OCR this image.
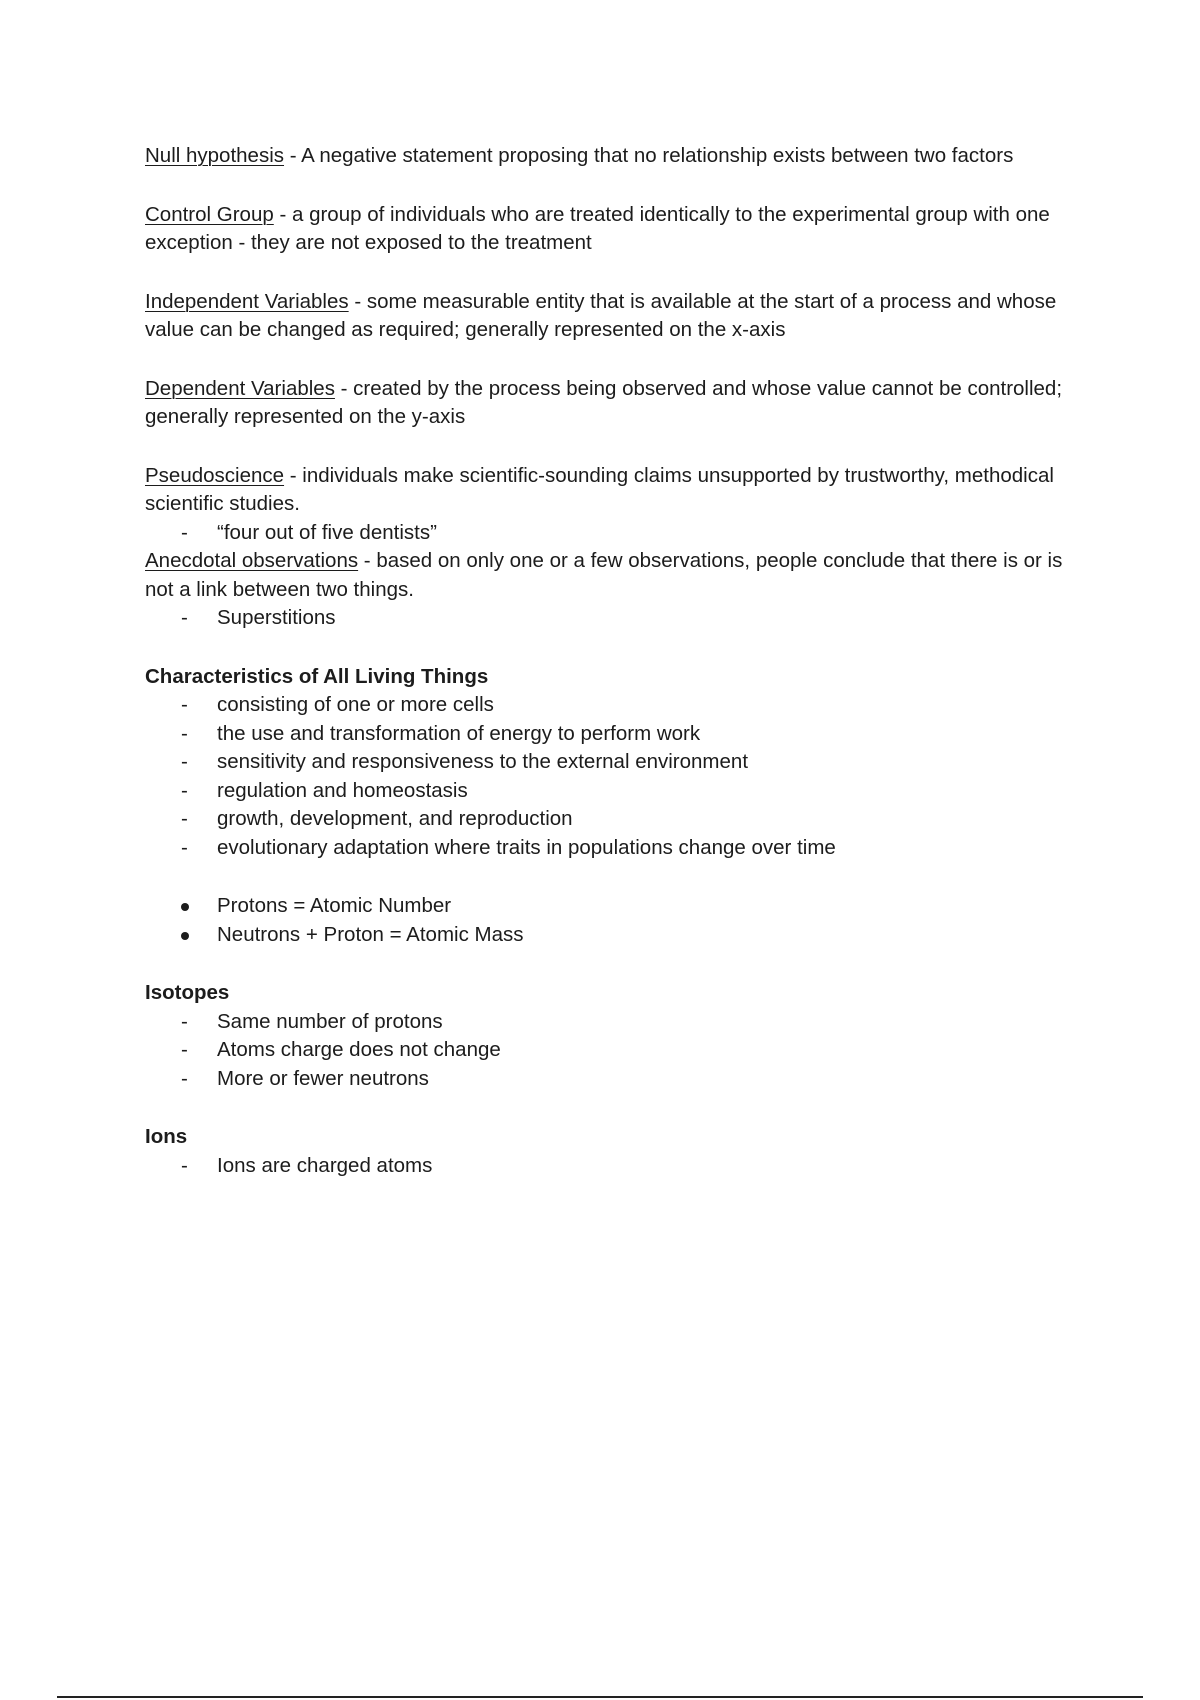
Null hypothesis - A negative statement proposing that no relationship exists between two factors

Control Group - a group of individuals who are treated identically to the experimental group with one exception - they are not exposed to the treatment

Independent Variables - some measurable entity that is available at the start of a process and whose value can be changed as required; generally represented on the x-axis

Dependent Variables - created by the process being observed and whose value cannot be controlled; generally represented on the y-axis

Pseudoscience - individuals make scientific-sounding claims unsupported by trustworthy, methodical scientific studies.

- “four out of five dentists”

Anecdotal observations - based on only one or a few observations, people conclude that there is or is not a link between two things.

- Superstitions

Characteristics of All Living Things

- consisting of one or more cells
- the use and transformation of energy to perform work
- sensitivity and responsiveness to the external environment
- regulation and homeostasis
- growth, development, and reproduction
- evolutionary adaptation where traits in populations change over time
Protons = Atomic Number
Neutrons + Proton = Atomic Mass

Isotopes

- Same number of protons
- Atoms charge does not change
- More or fewer neutrons

Ions

- Ions are charged atoms
